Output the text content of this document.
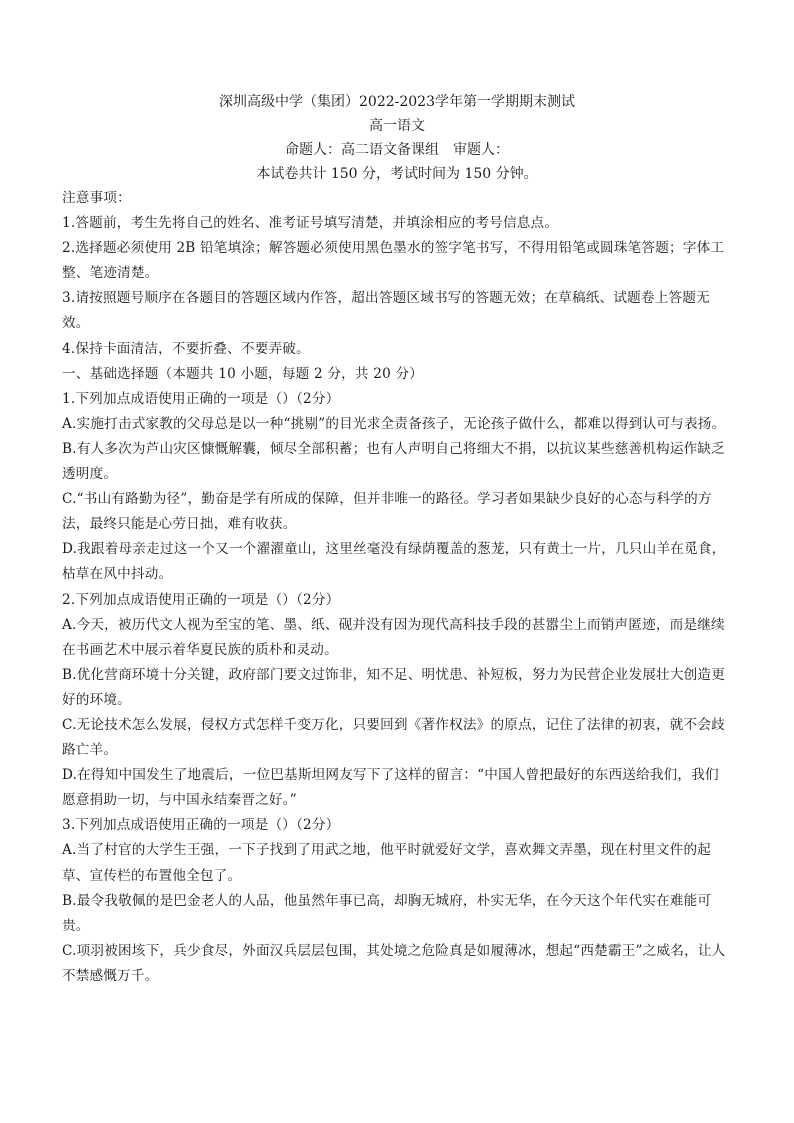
深圳高级中学（集团）2022-2023学年第一学期期末测试

高一语文

命题人：高二语文备课组　审题人：

本试卷共计 150 分，考试时间为 150 分钟。

注意事项：

1.答题前，考生先将自己的姓名、准考证号填写清楚，并填涂相应的考号信息点。

2.选择题必须使用 2B 铅笔填涂；解答题必须使用黑色墨水的签字笔书写，不得用铅笔或圆珠笔答题；字体工整、笔迹清楚。

3.请按照题号顺序在各题目的答题区域内作答，超出答题区域书写的答题无效；在草稿纸、试题卷上答题无效。

4.保持卡面清洁，不要折叠、不要弄破。

一、基础选择题（本题共 10 小题，每题 2 分，共 20 分）

1.下列加点成语使用正确的一项是（）（2分）

A.实施打击式家教的父母总是以一种“挑剔”的目光求全责备孩子，无论孩子做什么，都难以得到认可与表扬。

B.有人多次为芦山灾区慷慨解囊，倾尽全部积蓄；也有人声明自己将细大不捐，以抗议某些慈善机构运作缺乏透明度。

C.“书山有路勤为径”，勤奋是学有所成的保障，但并非唯一的路径。学习者如果缺少良好的心态与科学的方法，最终只能是心劳日拙，难有收获。

D.我跟着母亲走过这一个又一个濯濯童山，这里丝毫没有绿荫覆盖的葱茏，只有黄土一片，几只山羊在觅食，枯草在风中抖动。

2.下列加点成语使用正确的一项是（）（2分）

A.今天，被历代文人视为至宝的笔、墨、纸、砚并没有因为现代高科技手段的甚嚣尘上而销声匿迹，而是继续在书画艺术中展示着华夏民族的质朴和灵动。

B.优化营商环境十分关键，政府部门要文过饰非，知不足、明忧患、补短板，努力为民营企业发展壮大创造更好的环境。

C.无论技术怎么发展，侵权方式怎样千变万化，只要回到《著作权法》的原点，记住了法律的初衷，就不会歧路亡羊。

D.在得知中国发生了地震后，一位巴基斯坦网友写下了这样的留言：“中国人曾把最好的东西送给我们，我们愿意捐助一切，与中国永结秦晋之好。”

3.下列加点成语使用正确的一项是（）（2分）

A.当了村官的大学生王强，一下子找到了用武之地，他平时就爱好文学，喜欢舞文弄墨，现在村里文件的起草、宣传栏的布置他全包了。

B.最令我敬佩的是巴金老人的人品，他虽然年事已高，却胸无城府，朴实无华，在今天这个年代实在难能可贵。

C.项羽被困垓下，兵少食尽，外面汉兵层层包围，其处境之危险真是如履薄冰，想起“西楚霸王”之威名，让人不禁感慨万千。
